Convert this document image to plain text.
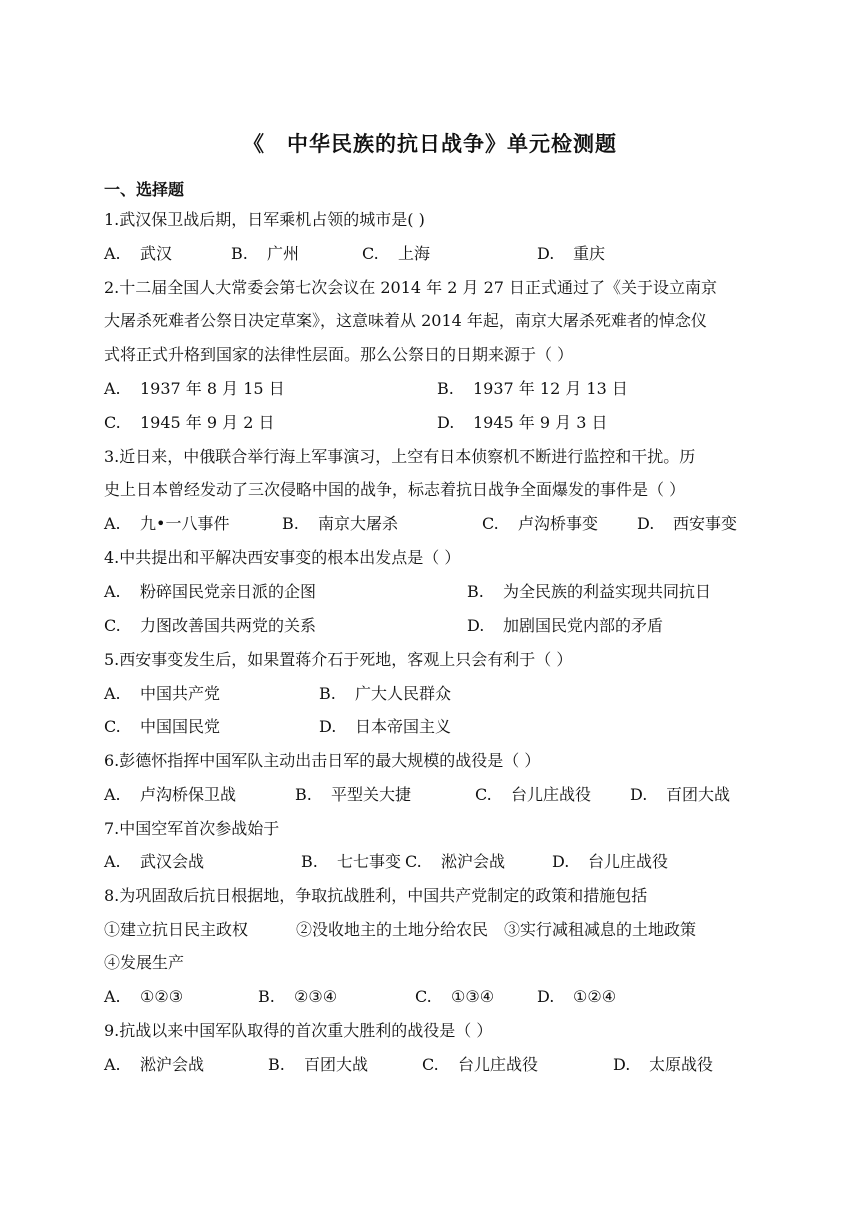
《　中华民族的抗日战争》单元检测题
一、选择题
1.武汉保卫战后期，日军乘机占领的城市是( )
A. 武汉	B. 广州	C. 上海	D. 重庆
2.十二届全国人大常委会第七次会议在 2014 年 2 月 27 日正式通过了《关于设立南京
大屠杀死难者公祭日决定草案》，这意味着从 2014 年起，南京大屠杀死难者的悼念仪
式将正式升格到国家的法律性层面。那么公祭日的日期来源于（ ）
A. 1937 年 8 月 15 日	B. 1937 年 12 月 13 日
C. 1945 年 9 月 2 日	D. 1945 年 9 月 3 日
3.近日来，中俄联合举行海上军事演习，上空有日本侦察机不断进行监控和干扰。历
史上日本曾经发动了三次侵略中国的战争，标志着抗日战争全面爆发的事件是（ ）
A. 九•一八事件	B. 南京大屠杀	C. 卢沟桥事变 D. 西安事变
4.中共提出和平解决西安事变的根本出发点是（ ）
A. 粉碎国民党亲日派的企图	B. 为全民族的利益实现共同抗日
C. 力图改善国共两党的关系	D. 加剧国民党内部的矛盾
5.西安事变发生后，如果置蒋介石于死地，客观上只会有利于（ ）
A. 中国共产党	B. 广大人民群众
C. 中国国民党	D. 日本帝国主义
6.彭德怀指挥中国军队主动出击日军的最大规模的战役是（ ）
A. 卢沟桥保卫战	B. 平型关大捷	C. 台儿庄战役 D. 百团大战
7.中国空军首次参战始于
A. 武汉会战	B. 七七事变 C. 淞沪会战	D. 台儿庄战役
8.为巩固敌后抗日根据地，争取抗战胜利，中国共产党制定的政策和措施包括
①建立抗日民主政权　　　②没收地主的土地分给农民　③实行减租减息的土地政策
④发展生产
A. ①②③	B. ②③④	C. ①③④	D. ①②④
9.抗战以来中国军队取得的首次重大胜利的战役是（ ）
A. 淞沪会战	B. 百团大战	C. 台儿庄战役	D. 太原战役
